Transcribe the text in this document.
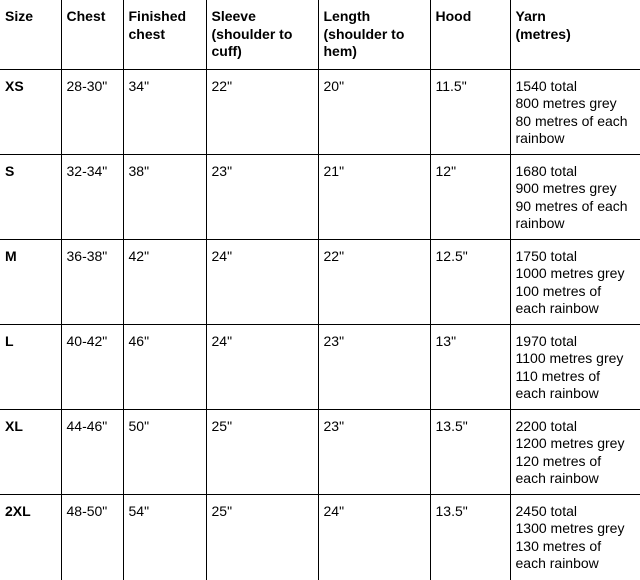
Size	Chest	Finished
chest	Sleeve
(shoulder to
cuff)	Length
(shoulder to
hem)	Hood	Yarn
(metres)

XS	28-30"	34"	22"	20"	11.5"	1540 total
800 metres grey
80 metres of each
rainbow

S	32-34"	38"	23"	21"	12"	1680 total
900 metres grey
90 metres of each
rainbow

M	36-38"	42"	24"	22"	12.5"	1750 total
1000 metres grey
100 metres of
each rainbow

L	40-42"	46"	24"	23"	13"	1970 total
1100 metres grey
110 metres of
each rainbow

XL	44-46"	50"	25"	23"	13.5"	2200 total
1200 metres grey
120 metres of
each rainbow

2XL	48-50"	54"	25"	24"	13.5"	2450 total
1300 metres grey
130 metres of
each rainbow
